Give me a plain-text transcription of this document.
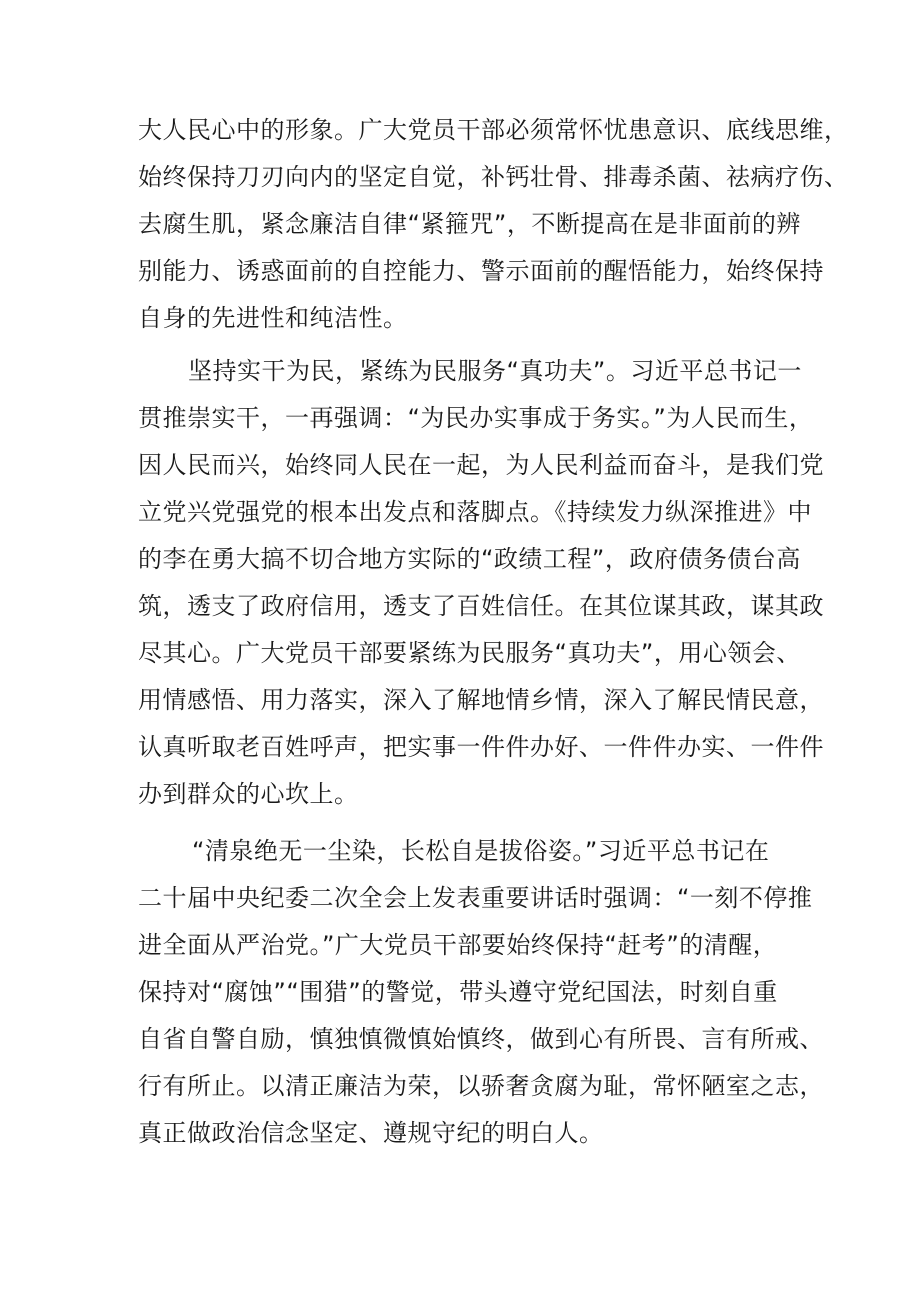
大人民心中的形象。广大党员干部必须常怀忧患意识、底线思维，
始终保持刀刃向内的坚定自觉，补钙壮骨、排毒杀菌、祛病疗伤、
去腐生肌，紧念廉洁自律“紧箍咒”，不断提高在是非面前的辨
别能力、诱惑面前的自控能力、警示面前的醒悟能力，始终保持
自身的先进性和纯洁性。
坚持实干为民，紧练为民服务“真功夫”。习近平总书记一
贯推崇实干，一再强调：“为民办实事成于务实。”为人民而生，
因人民而兴，始终同人民在一起，为人民利益而奋斗，是我们党
立党兴党强党的根本出发点和落脚点。《持续发力纵深推进》中
的李在勇大搞不切合地方实际的“政绩工程”，政府债务债台高
筑，透支了政府信用，透支了百姓信任。在其位谋其政，谋其政
尽其心。广大党员干部要紧练为民服务“真功夫”，用心领会、
用情感悟、用力落实，深入了解地情乡情，深入了解民情民意，
认真听取老百姓呼声，把实事一件件办好、一件件办实、一件件
办到群众的心坎上。
“清泉绝无一尘染，长松自是拔俗姿。”习近平总书记在
二十届中央纪委二次全会上发表重要讲话时强调：“一刻不停推
进全面从严治党。”广大党员干部要始终保持“赶考”的清醒，
保持对“腐蚀”“围猎”的警觉，带头遵守党纪国法，时刻自重
自省自警自励，慎独慎微慎始慎终，做到心有所畏、言有所戒、
行有所止。以清正廉洁为荣，以骄奢贪腐为耻，常怀陋室之志，
真正做政治信念坚定、遵规守纪的明白人。
